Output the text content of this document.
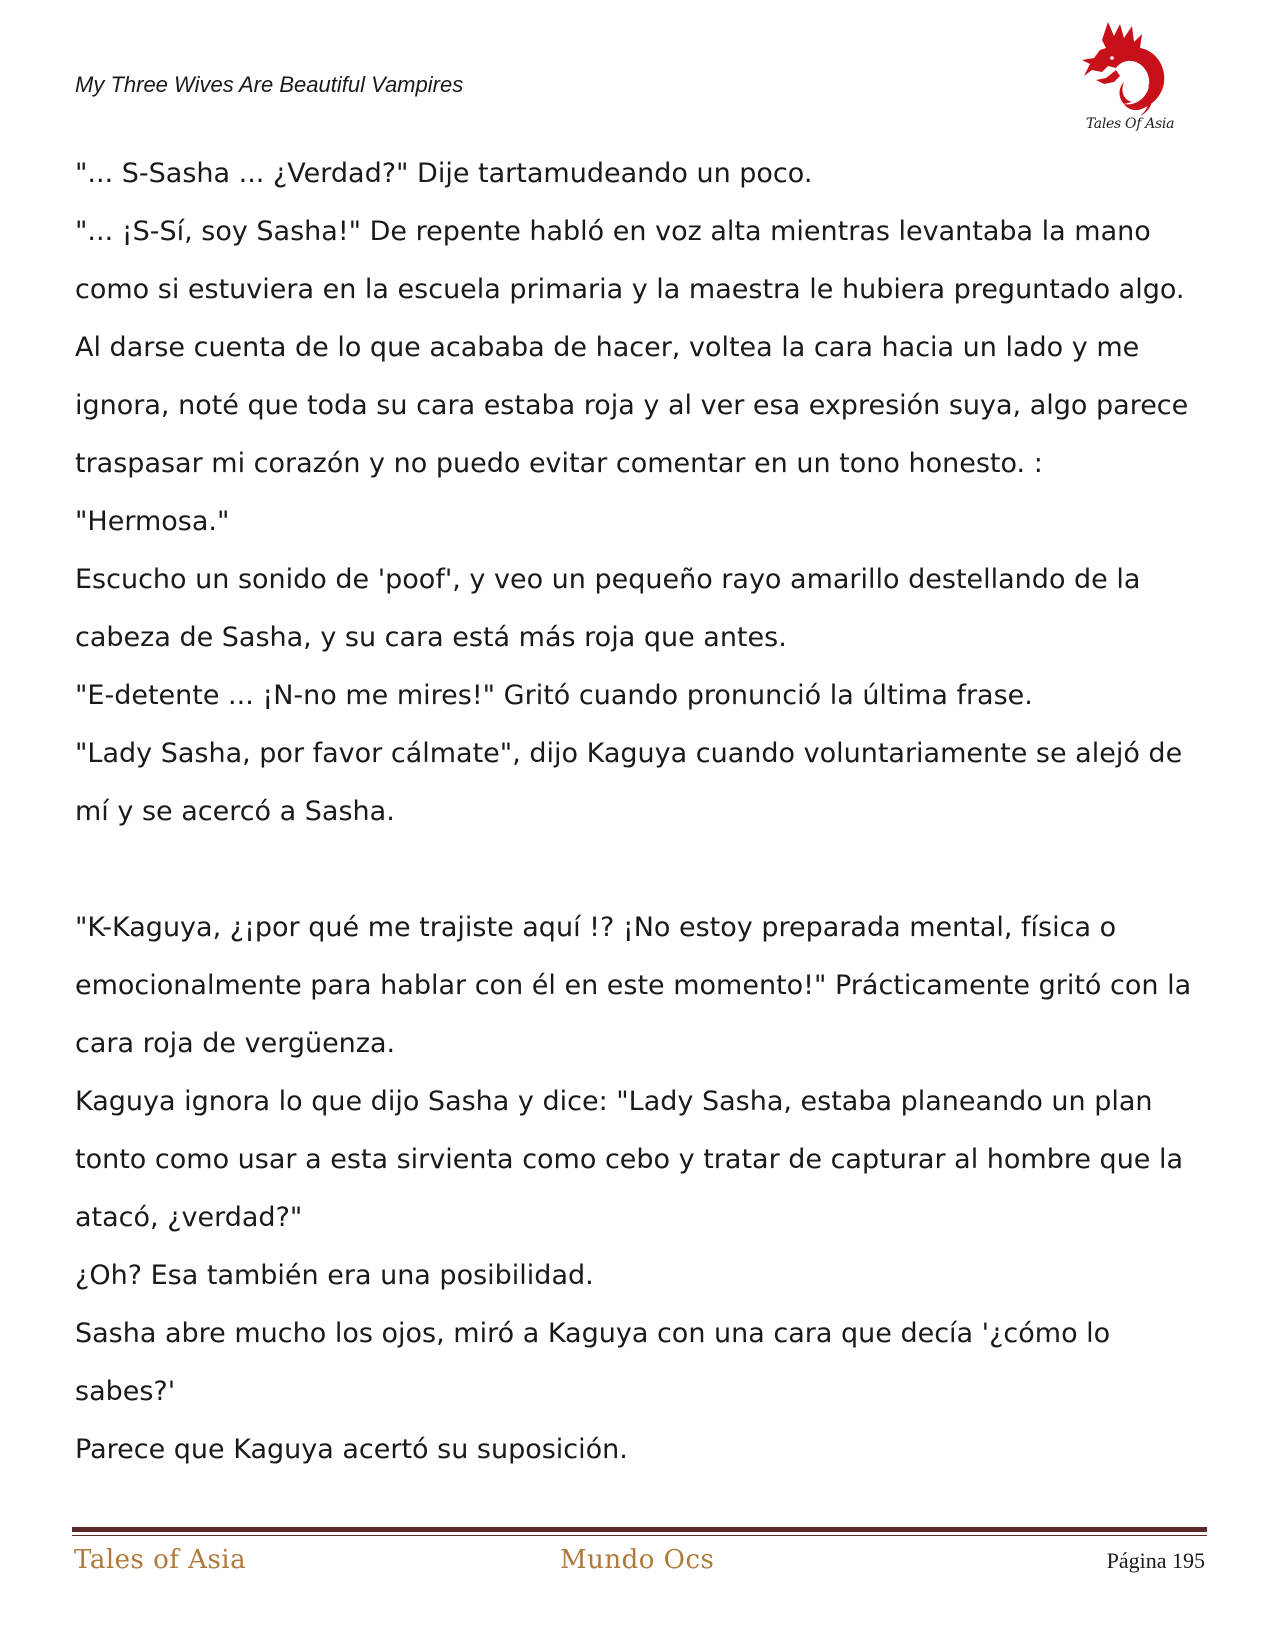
My Three Wives Are Beautiful Vampires
Tales Of Asia

"... S-Sasha ... ¿Verdad?" Dije tartamudeando un poco.

"... ¡S-Sí, soy Sasha!" De repente habló en voz alta mientras levantaba la mano como si estuviera en la escuela primaria y la maestra le hubiera preguntado algo.

Al darse cuenta de lo que acababa de hacer, voltea la cara hacia un lado y me ignora, noté que toda su cara estaba roja y al ver esa expresión suya, algo parece traspasar mi corazón y no puedo evitar comentar en un tono honesto. :

"Hermosa."

Escucho un sonido de 'poof', y veo un pequeño rayo amarillo destellando de la cabeza de Sasha, y su cara está más roja que antes.

"E-detente ... ¡N-no me mires!" Gritó cuando pronunció la última frase.

"Lady Sasha, por favor cálmate", dijo Kaguya cuando voluntariamente se alejó de mí y se acercó a Sasha.

"K-Kaguya, ¿¡por qué me trajiste aquí !? ¡No estoy preparada mental, física o emocionalmente para hablar con él en este momento!" Prácticamente gritó con la cara roja de vergüenza.

Kaguya ignora lo que dijo Sasha y dice: "Lady Sasha, estaba planeando un plan tonto como usar a esta sirvienta como cebo y tratar de capturar al hombre que la atacó, ¿verdad?"

¿Oh? Esa también era una posibilidad.

Sasha abre mucho los ojos, miró a Kaguya con una cara que decía '¿cómo lo sabes?'

Parece que Kaguya acertó su suposición.

Tales of Asia	Mundo Ocs	Página 195
